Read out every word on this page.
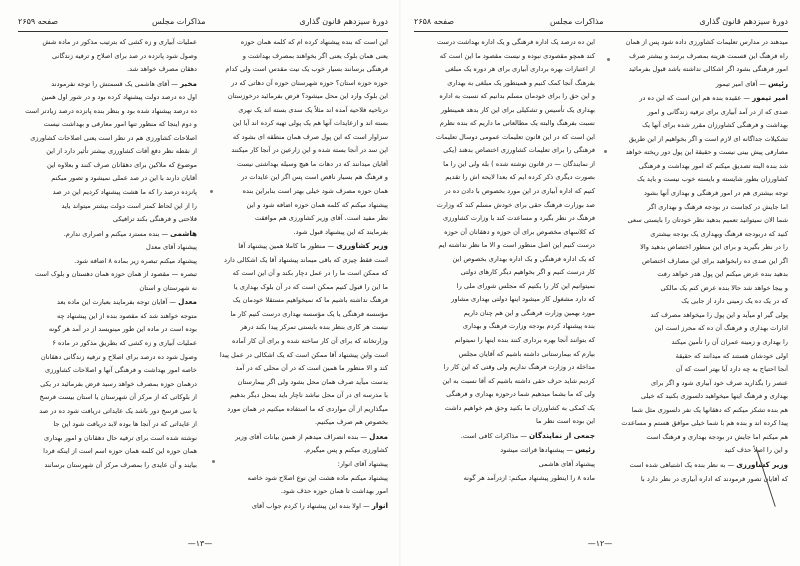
دورهٔ سیزدهم قانون گذاری
مذاکرات مجلس
صفحه ۲۶۵۹
این است که بنده پیشنهاد کرده ام که کلمه همان حوزه
یعنی همان بلوک یعنی اگر بخواهند بمصرف بهداشت و
فرهنگی برسانند بسیار خوب یک نیت مقدس است ولی کدام
حوزه حوزه استان؟ حوزه شهرستان حوزه آن دهاتی که در
این بلوک وارد این محل میشود؟ فرض بفرمائید درخوزستان
درناحیه فلاحیه آمده اند مثلاً یک سدی بسته اند یک نهری
بسته اند و ازعایدات آنها هم یک پولی تهیه کرده اند آیا این
سزاوار است که این پول صرف همان منطقه ای بشود که
این سد در آنجا بسته شده و این زارعین در آنجا کار میکنند
آقایان میدانند که در دهات ما هیچ وسیله بهداشتی نیست
و فرهنگ هم بسیار ناقص است پس اگر این عایدات در
همان حوزه مصرف شود خیلی بهتر است بنابراین بنده
پیشنهاد میکنم که کلمه همان حوزه اضافه شود و این
نظر مفید است. آقای وزیر کشاورزی هم موافقت
بفرمایند که این پیشنهاد قبول شود.
وزیر کشاورزی — منظور ما کاملا همین پیشنهاد آقا
است فقط چیزی که باقی میماند پیشنهاد آقا یک اشکالی دارد
که ممکن است ما را در عمل دچار بکند و آن این است که
ما این را قبول کنیم ممکن است که در آن بلوک بهداری یا
فرهنگ نداشته باشیم ما که نمیخواهیم مستقلا خودمان یک
مؤسسه فرهنگی یا یک مؤسسه بهداری درست کنیم کار ما
نیست هر کاری بنظر بنده بایستی تمرکز پیدا بکند درهر
وزارتخانه که برای آن کار ساخته شده و برای آن کار آماده
است واین پیشنهاد آقا ممکن است که یک اشکالی در عمل پیدا
کند و الا منظور ما همین است که در آن محلی که در آمد
بدست میآید صرف همان محل بشود ولی اگر بیمارستان
یا مدرسه ای در آن محل نباشد ناچار باید بمحل دیگر بدهیم
میگذاریم از آن مواردی که ما استفاده میکنیم در همان مورد
بخصوص هم صرف میکنیم.
معدل — بنده انصراف میدهم از همین بیانات آقای وزیر
کشاورزی میکنم و پس میگیرم.
پیشنهاد آقای انوار:
پیشنهاد میکنم ماده هشت این نوع اصلاح شود خاصه
امور بهداشت تا همان حوزه حذف شود.
انوار — اولا بنده این پیشنهاد را کردم جواب آقای
عملیات آبیاری و زه کشی که بترتیب مذکور در ماده شش
وصول شود پانزده در صد برای اصلاح و ترفیه زندگانی
دهقان مصرف خواهد شد.
مخبر — آقای هاشمی یک قسمتش را توجه نفرمودند
اول ده درصد دولت پیشنهاد کرده بود و در شور اول همین
ده درصد پیشنهاد شده بود و بنظر بنده پانزده درصد زیادتر است
و دوم اینجا که منظور تنها امور معارفی و بهداشت نیست
اصلاحات کشاورزی هم در نظر است یعنی اصلاحات کشاورزی
از نقطه نظر دفع آفات کشاورزی بیشتر تأثیر دارد از این
موضوع که ملاکین برای دهقانان صرف کنند و بعلاوه این
آقایان دارند با این در صد عملی نمیشود و تصور میکنم
پانزده درصد را که ما هشت پیشنهاد کردیم این در صد
را از این لحاظ کمتر است دولت بیشتر میتواند باید
فلاحتی و فرهنگی بکند ترافیکی
هاشمی — بنده مسترد میکنم و اصراری ندارم.
پیشنهاد آقای معدل
پیشنهاد میکنم تبصره زیر بماده ۸ اضافه شود.
تبصره — مقصود از همان حوزه همان دهستان و بلوک است
نه شهرستان و استان
معدل — آقایان توجه بفرمایند بعبارت این ماده بعد
متوجه خواهند شد که مقصود بنده از این پیشنهاد چه
بوده است در ماده این طور مینویسد از در آمد هر گونه
عملیات آبیاری و زه کشی که بطریق مذکور در ماده ۶
وصول شود ده درصد برای اصلاح و ترفیه زندگانی دهقانان
خاصه امور بهداشت و فرهنگی آنها و اصلاحات کشاورزی
درهمان حوزه بمصرف خواهد رسید فرض بفرمائید در یکی
از بلوکاتی که از مرکز آن شهرستان یا استان بیست فرسخ
یا سی فرسخ دور باشد یک عایداتی دریافت شود ده در صد
از عایداتی که در آنجا ها بوده لابد دریافت شود این جا
نوشته شده است برای ترفیه حال دهقانان و امور بهداری
همان حوزه این کلمه همان حوزه اسم است از اینکه فردا
بیایند و آن عایدی را بمصرف مرکز آن شهرستان برسانند
—۱۳—
دورهٔ سیزدهم قانون گذاری
مذاکرات مجلس
صفحه ۲۶۵۸
میدهند در مدارس تعلیمات کشاورزی داده شود پس از همان
راه فرهنگ این قسمت هزینه بمصرف برسد و بیشتر صرف
امور فرهنگی بشود اگر اشکالی نداشته باشد قبول بفرمائید
رئیس — آقای امیر تیمور
امیر تیمور — عقیده بنده هم این است که این ده در
صدی که از در آمد آبیاری برای ترفیه زندگانی و امور
بهداشت و فرهنگی کشاورزان مقرر شده برای آنها یک
تشکیلات جداگانه ای لازم است و اگر بخواهیم از این طریق
مصارفی پیش بینی نیست و حقیقة این پول دور ریخته خواهد
شد بنده البته تصدیق میکنم که امور بهداشت و فرهنگی
کشاورزان بطور شایسته و بایسته خوب نیست و باید یک
توجه بیشتری هم در امور فرهنگی و بهداری آنها بشود
اما جایش در کجاست در بودجه فرهنگ و بهداری اگر
شما الان نمیتوانید تعمیم بدهید نظر خودتان را بایستی سعی
کنید که دربودجه فرهنگ وبهداری یک بودجه بیشتری
را در نظر بگیرید و برای این منظور اختصاص بدهید والا
اگر این صدی ده رابخواهید برای این مصارف اختصاص
بدهید بنده عرض میکنم این پول هدر خواهد رفت
و بیجا خواهد شد حالا بنده عرض کنم یک مالکی
که در یک ده یک زمینی دارد از جایی یک
پولی گیر او میآید و این پول را میخواهد مصرف کند
ادارات بهداری و فرهنگ آن ده که محرز است این
را بهداری و زمینه عمران آن را تأمین میکند
اولی خودشان هستند که میدانند که حقیقة
آنجا احتیاج به چه دارد آیا بهتر است که آن
عنصر را بگذارید صرف خود آبیاری شود و اگر برای
بهداری و فرهنگ اینها میخواهید دلسوزی بکنید که خیلی
هم بنده تشکر میکنم که دهقانها یک نفر دلسوزی مثل شما
پیدا کرده اند و بنده هم با شما خیلی موافق هستم و مساعدت
هم میکنم اما جایش در بودجه بهداری و فرهنگ است
و این را اصلاً حذف کنید
وزیر کشاورزی — به نظر بنده یک اشتباهی شده است
که آقایان تصور فرمودند که اداره آبیاری در نظر دارد با
این ده درصد یک اداره فرهنگی و یک اداره بهداشت درست
کند همچو مقصودی نبوده و نیست مقصود ما این است که
از اعتبارات بهره برداری آبیاری برای هر دوره یک مبلغی
بفرهنگ آنجا کمک کنیم و همینطور یک مبلغی به بهداری
و این حق را برای خودمان مسلم بدانیم که نسبت به اداره
بهداری یک تأسیس و تشکیلی برای این کار بدهد همینطور
نسبت بفرهنگ والبته یک مطالعاتی ما داریم که بنده نظرم
این است که در این قانون تعلیمات عمومی دوسال تعلیمات
فرهنگی را برای تعلیمات کشاورزی اختصاص بدهند (یکی
از نمایندگان — در قانون نوشته شده ) بله ولی این را ما
بصورت دیگری ذکر کرده ایم که بعدا لایحه اش را تقدیم
کنیم که اداره آبیاری در این مورد بخصوص با دادن ده در
صد بوزارت فرهنگ حقی برای خودش مسلم کند که وزارت
فرهنگ در نظر بگیرد و مساعدت کند با وزارت کشاورزی
که کلاسهای مخصوص برای آن حوزه و دهقانان آن حوزه
درست کنیم این اصل منظور است و الا ما نظر نداشته ایم
که یک اداره فرهنگی و یک اداره بهداری بخصوص این
کار درست کنیم و اگر بخواهیم دیگر کارهای دولتی
نمیتوانیم این کار را بکنیم که مجلس شورای ملی را
که دارد مشغول کار میشود اینها دولتی بهداری مشاور
مورد بهمین وزارت فرهنگی و این هم چنان داریم
بنده پیشنهاد کردم بودجه وزارت فرهنگ و بهداری
که بتوانند آنجا بهره برداری کنند بنده اینها را نمیتوانم
بیارم که بیمارستانی داشته باشیم که آقایان مجلس
مداخله در وزارت فرهنگ نداریم ولی وقتی که این کار را
کردیم شاید حرف حقی داشته باشیم که آقا نسبت به این
ولی که ما بشما میدهیم شما درحوزه بهداری و فرهنگی
یک کمکی به کشاورزان ما بکنید وحق هم خواهیم داشت
این بوده است نظر ما
جمعی از نمایندگان — مذاکرات کافی است.
رئیس — پیشنهادها قرائت میشود
پیشنهاد آقای هاشمی
ماده ۸ را اینطور پیشنهاد میکنم: ازدرآمد هر گونه
—۱۲—
